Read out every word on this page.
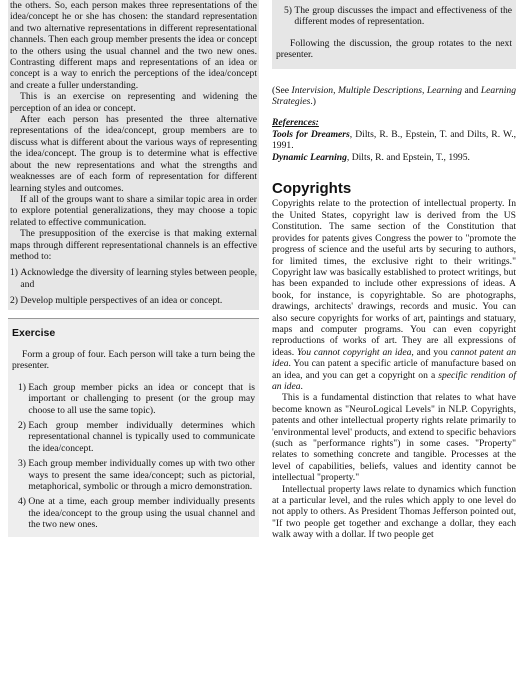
the others. So, each person makes three representations of the idea/concept he or she has chosen: the standard representation and two alternative representations in different representational channels. Then each group member presents the idea or concept to the others using the usual channel and the two new ones. Contrasting different maps and representations of an idea or concept is a way to enrich the perceptions of the idea/concept and create a fuller understanding.

This is an exercise on representing and widening the perception of an idea or concept.

After each person has presented the three alternative representations of the idea/concept, group members are to discuss what is different about the various ways of representing the idea/concept. The group is to determine what is effective about the new representations and what the strengths and weaknesses are of each form of representation for different learning styles and outcomes.

If all of the groups want to share a similar topic area in order to explore potential generalizations, they may choose a topic related to effective communication.

The presupposition of the exercise is that making external maps through different representational channels is an effective method to:

1) Acknowledge the diversity of learning styles between people, and
2) Develop multiple perspectives of an idea or concept.
Exercise

Form a group of four. Each person will take a turn being the presenter.

1) Each group member picks an idea or concept that is important or challenging to present (or the group may choose to all use the same topic).
2) Each group member individually determines which representational channel is typically used to communicate the idea/concept.
3) Each group member individually comes up with two other ways to present the same idea/concept; such as pictorial, metaphorical, symbolic or through a micro demonstration.
4) One at a time, each group member individually presents the idea/concept to the group using the usual channel and the two new ones.
5) The group discusses the impact and effectiveness of the different modes of representation.

Following the discussion, the group rotates to the next presenter.

(See Intervision, Multiple Descriptions, Learning and Learning Strategies.)

References:

Tools for Dreamers, Dilts, R. B., Epstein, T. and Dilts, R. W., 1991.

Dynamic Learning, Dilts, R. and Epstein, T., 1995.

Copyrights

Copyrights relate to the protection of intellectual property. In the United States, copyright law is derived from the US Constitution. The same section of the Constitution that provides for patents gives Congress the power to "promote the progress of science and the useful arts by securing to authors, for limited times, the exclusive right to their writings." Copyright law was basically established to protect writings, but has been expanded to include other expressions of ideas. A book, for instance, is copyrightable. So are photographs, drawings, architects' drawings, records and music. You can also secure copyrights for works of art, paintings and statuary, maps and computer programs. You can even copyright reproductions of works of art. They are all expressions of ideas. You cannot copyright an idea, and you cannot patent an idea. You can patent a specific article of manufacture based on an idea, and you can get a copyright on a specific rendition of an idea.

This is a fundamental distinction that relates to what have become known as "NeuroLogical Levels" in NLP. Copyrights, patents and other intellectual property rights relate primarily to 'environmental level' products, and extend to specific behaviors (such as "performance rights") in some cases. "Property" relates to something concrete and tangible. Processes at the level of capabilities, beliefs, values and identity cannot be intellectual "property."

Intellectual property laws relate to dynamics which function at a particular level, and the rules which apply to one level do not apply to others. As President Thomas Jefferson pointed out, "If two people get together and exchange a dollar, they each walk away with a dollar. If two people get
